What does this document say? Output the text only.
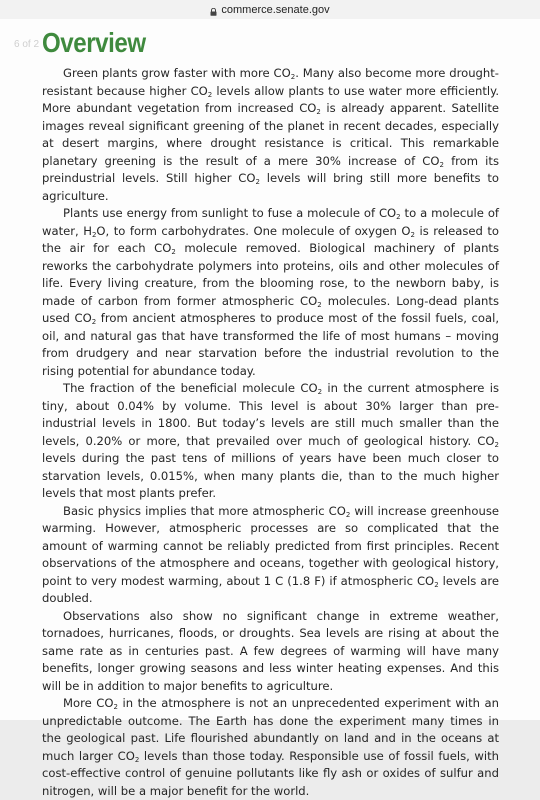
commerce.senate.gov
6 of 2 Overview

Green plants grow faster with more $CO_2$. Many also become more drought-resistant because higher $CO_2$ levels allow plants to use water more efficiently. More abundant vegetation from increased $CO_2$ is already apparent. Satellite images reveal significant greening of the planet in recent decades, especially at desert margins, where drought resistance is critical. This remarkable planetary greening is the result of a mere 30% increase of $CO_2$ from its preindustrial levels. Still higher $CO_2$ levels will bring still more benefits to agriculture.

Plants use energy from sunlight to fuse a molecule of $CO_2$ to a molecule of water, $H_2O$, to form carbohydrates. One molecule of oxygen $O_2$ is released to the air for each $CO_2$ molecule removed. Biological machinery of plants reworks the carbohydrate polymers into proteins, oils and other molecules of life. Every living creature, from the blooming rose, to the newborn baby, is made of carbon from former atmospheric $CO_2$ molecules. Long-dead plants used $CO_2$ from ancient atmospheres to produce most of the fossil fuels, coal, oil, and natural gas that have transformed the life of most humans – moving from drudgery and near starvation before the industrial revolution to the rising potential for abundance today.

The fraction of the beneficial molecule $CO_2$ in the current atmosphere is tiny, about 0.04% by volume. This level is about 30% larger than pre-industrial levels in 1800. But today’s levels are still much smaller than the levels, 0.20% or more, that prevailed over much of geological history. $CO_2$ levels during the past tens of millions of years have been much closer to starvation levels, 0.015%, when many plants die, than to the much higher levels that most plants prefer.

Basic physics implies that more atmospheric $CO_2$ will increase greenhouse warming. However, atmospheric processes are so complicated that the amount of warming cannot be reliably predicted from first principles. Recent observations of the atmosphere and oceans, together with geological history, point to very modest warming, about 1 C (1.8 F) if atmospheric $CO_2$ levels are doubled.

Observations also show no significant change in extreme weather, tornadoes, hurricanes, floods, or droughts. Sea levels are rising at about the same rate as in centuries past. A few degrees of warming will have many benefits, longer growing seasons and less winter heating expenses. And this will be in addition to major benefits to agriculture.

More $CO_2$ in the atmosphere is not an unprecedented experiment with an unpredictable outcome. The Earth has done the experiment many times in the geological past. Life flourished abundantly on land and in the oceans at much larger $CO_2$ levels than those today. Responsible use of fossil fuels, with cost-effective control of genuine pollutants like fly ash or oxides of sulfur and nitrogen, will be a major benefit for the world.
